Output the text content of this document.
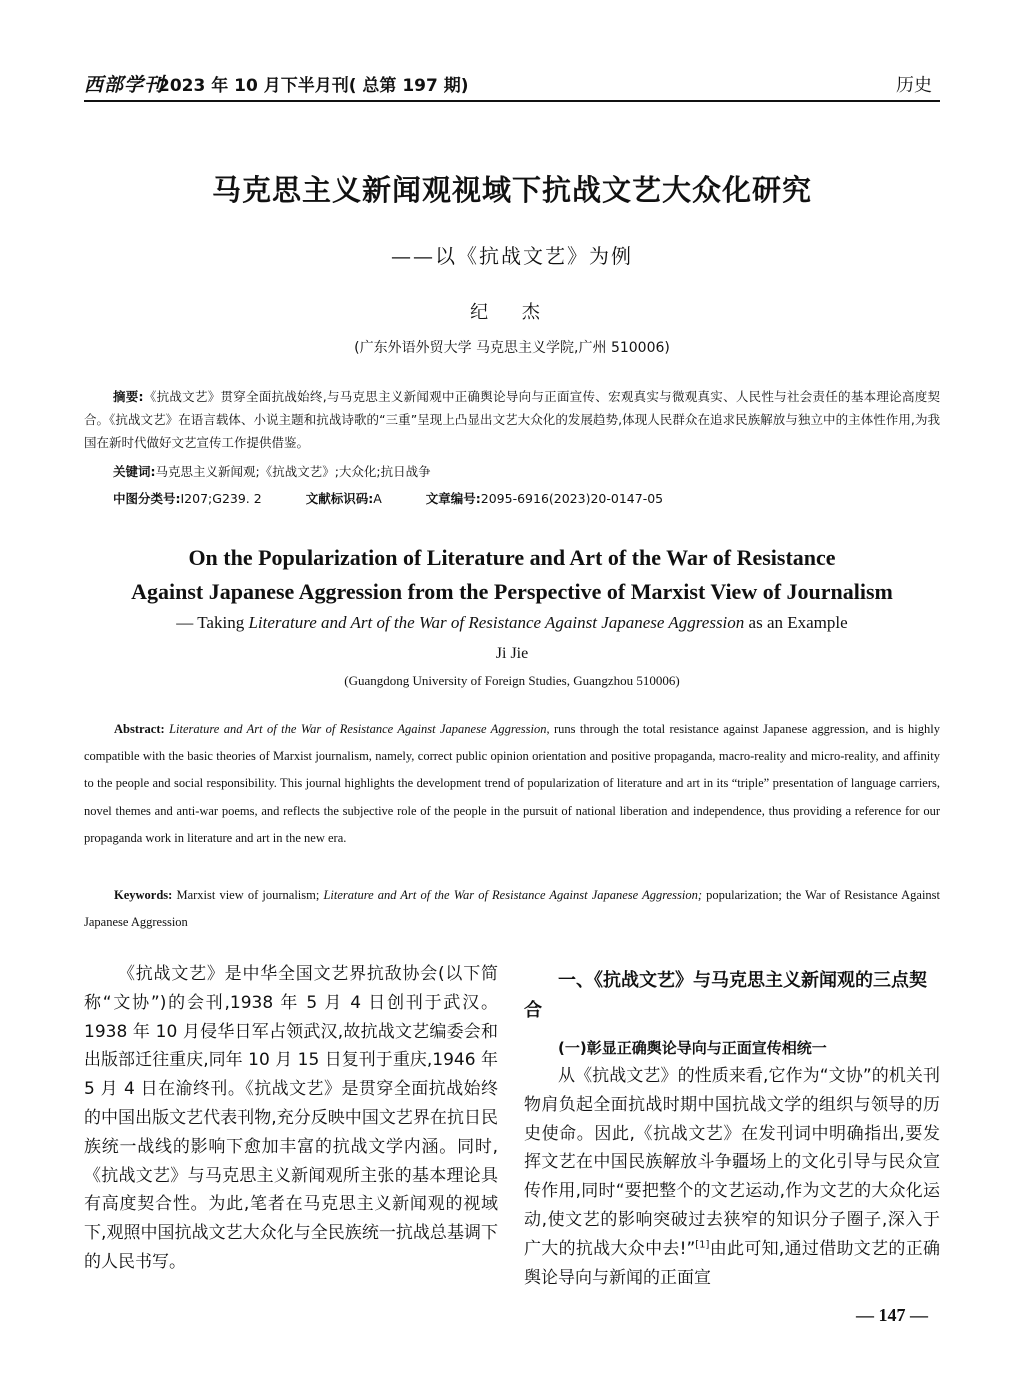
西部学刊
2023 年 10 月下半月刊( 总第 197 期)	历史
马克思主义新闻观视域下抗战文艺大众化研究
——以《抗战文艺》为例
纪 杰
(广东外语外贸大学 马克思主义学院,广州 510006)
摘要:《抗战文艺》贯穿全面抗战始终,与马克思主义新闻观中正确舆论导向与正面宣传、宏观真实与微观真实、人民性与社会责任的基本理论高度契合。《抗战文艺》在语言载体、小说主题和抗战诗歌的“三重”呈现上凸显出文艺大众化的发展趋势,体现人民群众在追求民族解放与独立中的主体性作用,为我国在新时代做好文艺宣传工作提供借鉴。
关键词:马克思主义新闻观;《抗战文艺》;大众化;抗日战争
中图分类号:I207;G239. 2	文献标识码:A	文章编号:2095-6916(2023)20-0147-05
On the Popularization of Literature and Art of the War of Resistance
Against Japanese Aggression from the Perspective of Marxist View of Journalism
— Taking Literature and Art of the War of Resistance Against Japanese Aggression as an Example
Ji Jie
(Guangdong University of Foreign Studies, Guangzhou 510006)
Abstract: Literature and Art of the War of Resistance Against Japanese Aggression, runs through the total resistance against Japanese aggression, and is highly compatible with the basic theories of Marxist journalism, namely, correct public opinion orientation and positive propaganda, macro-reality and micro-reality, and affinity to the people and social responsibility. This journal highlights the development trend of popularization of literature and art in its “triple” presentation of language carriers, novel themes and anti-war poems, and reflects the subjective role of the people in the pursuit of national liberation and independence, thus providing a reference for our propaganda work in literature and art in the new era.
Keywords: Marxist view of journalism; Literature and Art of the War of Resistance Against Japanese Aggression; popularization; the War of Resistance Against Japanese Aggression
《抗战文艺》是中华全国文艺界抗敌协会(以下简称“文协”)的会刊,1938 年 5 月 4 日创刊于武汉。1938 年 10 月侵华日军占领武汉,故抗战文艺编委会和出版部迁往重庆,同年 10 月 15 日复刊于重庆,1946 年 5 月 4 日在渝终刊。《抗战文艺》是贯穿全面抗战始终的中国出版文艺代表刊物,充分反映中国文艺界在抗日民族统一战线的影响下愈加丰富的抗战文学内涵。同时,《抗战文艺》与马克思主义新闻观所主张的基本理论具有高度契合性。为此,笔者在马克思主义新闻观的视域下,观照中国抗战文艺大众化与全民族统一抗战总基调下的人民书写。
一、《抗战文艺》与马克思主义新闻观的三点契合
(一)彰显正确舆论导向与正面宣传相统一
从《抗战文艺》的性质来看,它作为“文协”的机关刊物肩负起全面抗战时期中国抗战文学的组织与领导的历史使命。因此,《抗战文艺》在发刊词中明确指出,要发挥文艺在中国民族解放斗争疆场上的文化引导与民众宣传作用,同时“要把整个的文艺运动,作为文艺的大众化运动,使文艺的影响突破过去狭窄的知识分子圈子,深入于广大的抗战大众中去!”[1]由此可知,通过借助文艺的正确舆论导向与新闻的正面宣
— 147 —
